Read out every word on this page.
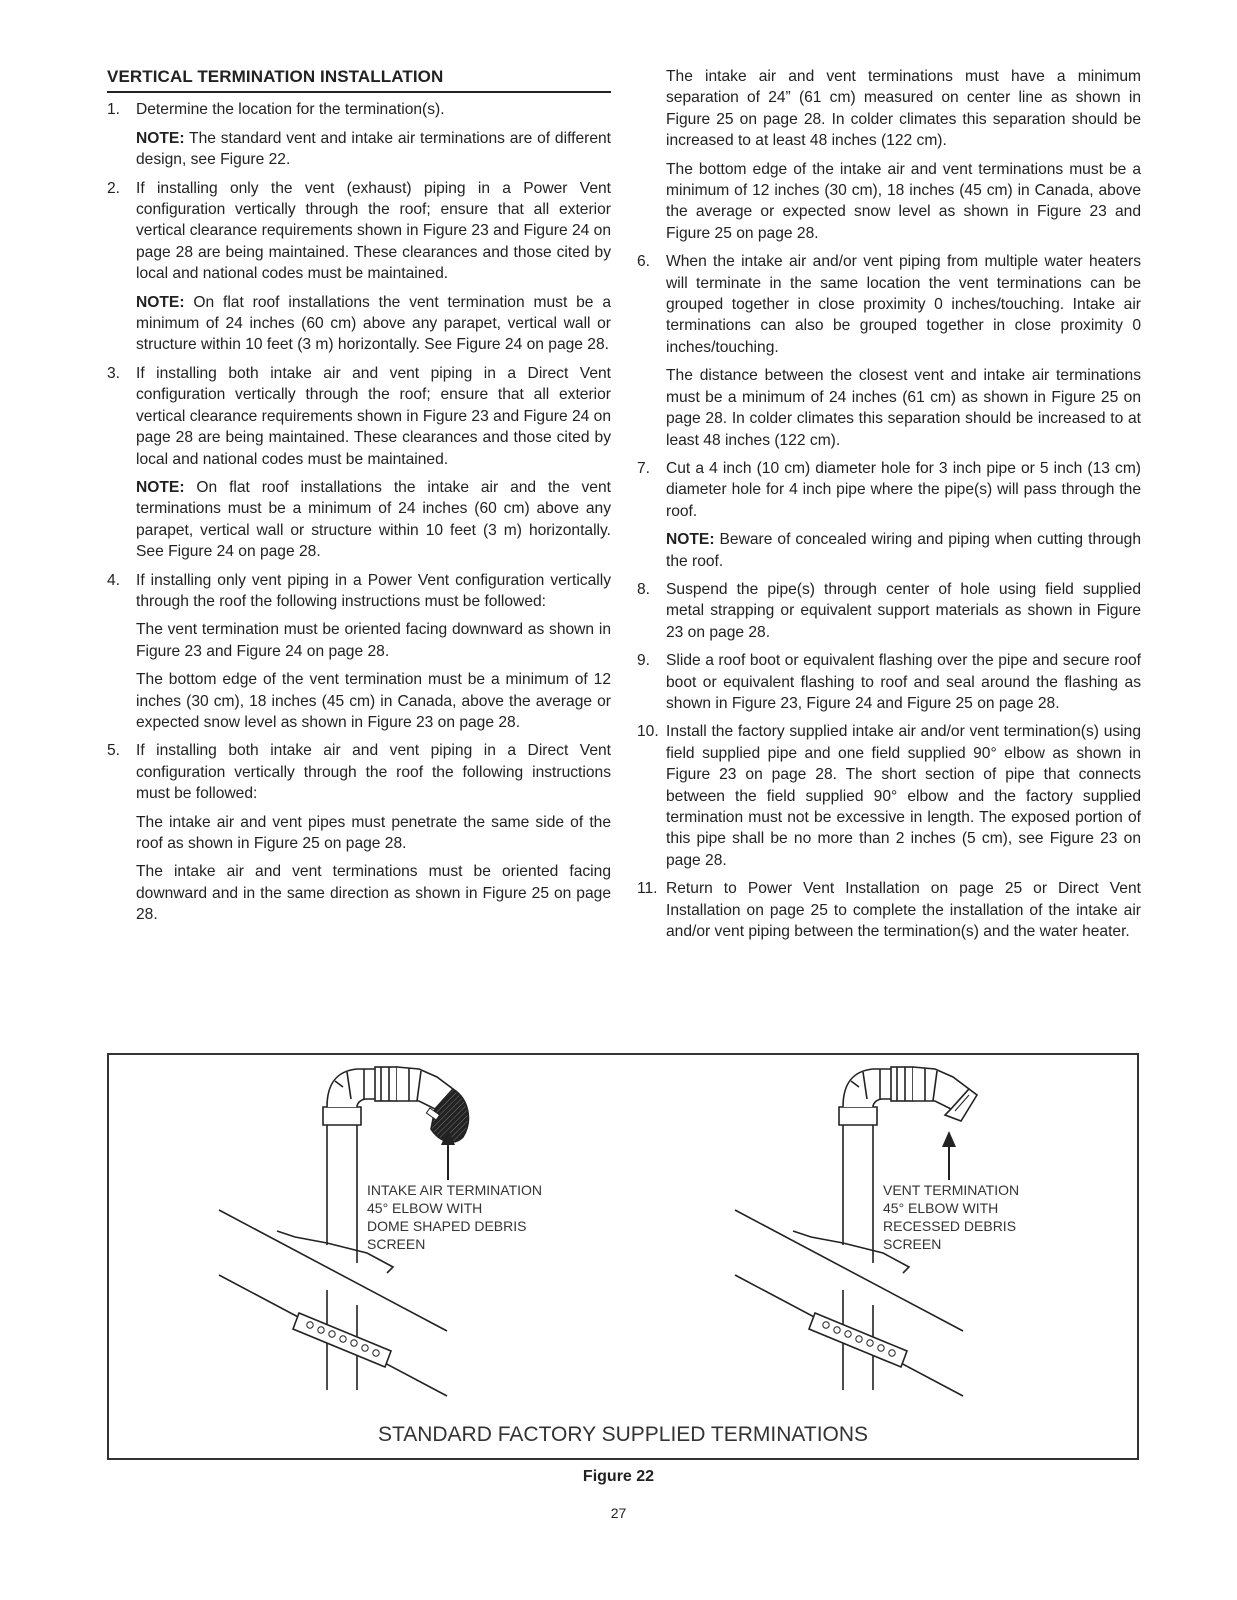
VERTICAL TERMINATION INSTALLATION
1. Determine the location for the termination(s).
NOTE: The standard vent and intake air terminations are of different design, see Figure 22.
2. If installing only the vent (exhaust) piping in a Power Vent configuration vertically through the roof; ensure that all exterior vertical clearance requirements shown in Figure 23 and Figure 24 on page 28 are being maintained. These clearances and those cited by local and national codes must be maintained.
NOTE: On flat roof installations the vent termination must be a minimum of 24 inches (60 cm) above any parapet, vertical wall or structure within 10 feet (3 m) horizontally. See Figure 24 on page 28.
3. If installing both intake air and vent piping in a Direct Vent configuration vertically through the roof; ensure that all exterior vertical clearance requirements shown in Figure 23 and Figure 24 on page 28 are being maintained. These clearances and those cited by local and national codes must be maintained.
NOTE: On flat roof installations the intake air and the vent terminations must be a minimum of 24 inches (60 cm) above any parapet, vertical wall or structure within 10 feet (3 m) horizontally. See Figure 24 on page 28.
4. If installing only vent piping in a Power Vent configuration vertically through the roof the following instructions must be followed:
The vent termination must be oriented facing downward as shown in Figure 23 and Figure 24 on page 28.
The bottom edge of the vent termination must be a minimum of 12 inches (30 cm), 18 inches (45 cm) in Canada, above the average or expected snow level as shown in Figure 23 on page 28.
5. If installing both intake air and vent piping in a Direct Vent configuration vertically through the roof the following instructions must be followed:
The intake air and vent pipes must penetrate the same side of the roof as shown in Figure 25 on page 28.
The intake air and vent terminations must be oriented facing downward and in the same direction as shown in Figure 25 on page 28.
The intake air and vent terminations must have a minimum separation of 24” (61 cm) measured on center line as shown in Figure 25 on page 28. In colder climates this separation should be increased to at least 48 inches (122 cm).
The bottom edge of the intake air and vent terminations must be a minimum of 12 inches (30 cm), 18 inches (45 cm) in Canada, above the average or expected snow level as shown in Figure 23 and Figure 25 on page 28.
6. When the intake air and/or vent piping from multiple water heaters will terminate in the same location the vent terminations can be grouped together in close proximity 0 inches/touching. Intake air terminations can also be grouped together in close proximity 0 inches/touching.
The distance between the closest vent and intake air terminations must be a minimum of 24 inches (61 cm) as shown in Figure 25 on page 28. In colder climates this separation should be increased to at least 48 inches (122 cm).
7. Cut a 4 inch (10 cm) diameter hole for 3 inch pipe or 5 inch (13 cm) diameter hole for 4 inch pipe where the pipe(s) will pass through the roof.
NOTE: Beware of concealed wiring and piping when cutting through the roof.
8. Suspend the pipe(s) through center of hole using field supplied metal strapping or equivalent support materials as shown in Figure 23 on page 28.
9. Slide a roof boot or equivalent flashing over the pipe and secure roof boot or equivalent flashing to roof and seal around the flashing as shown in Figure 23, Figure 24 and Figure 25 on page 28.
10. Install the factory supplied intake air and/or vent termination(s) using field supplied pipe and one field supplied 90° elbow as shown in Figure 23 on page 28. The short section of pipe that connects between the field supplied 90° elbow and the factory supplied termination must not be excessive in length. The exposed portion of this pipe shall be no more than 2 inches (5 cm), see Figure 23 on page 28.
11. Return to Power Vent Installation on page 25 or Direct Vent Installation on page 25 to complete the installation of the intake air and/or vent piping between the termination(s) and the water heater.
INTAKE AIR TERMINATION
45° ELBOW WITH
DOME SHAPED DEBRIS
SCREEN
VENT TERMINATION
45° ELBOW WITH
RECESSED DEBRIS
SCREEN
STANDARD FACTORY SUPPLIED TERMINATIONS
Figure 22
27
